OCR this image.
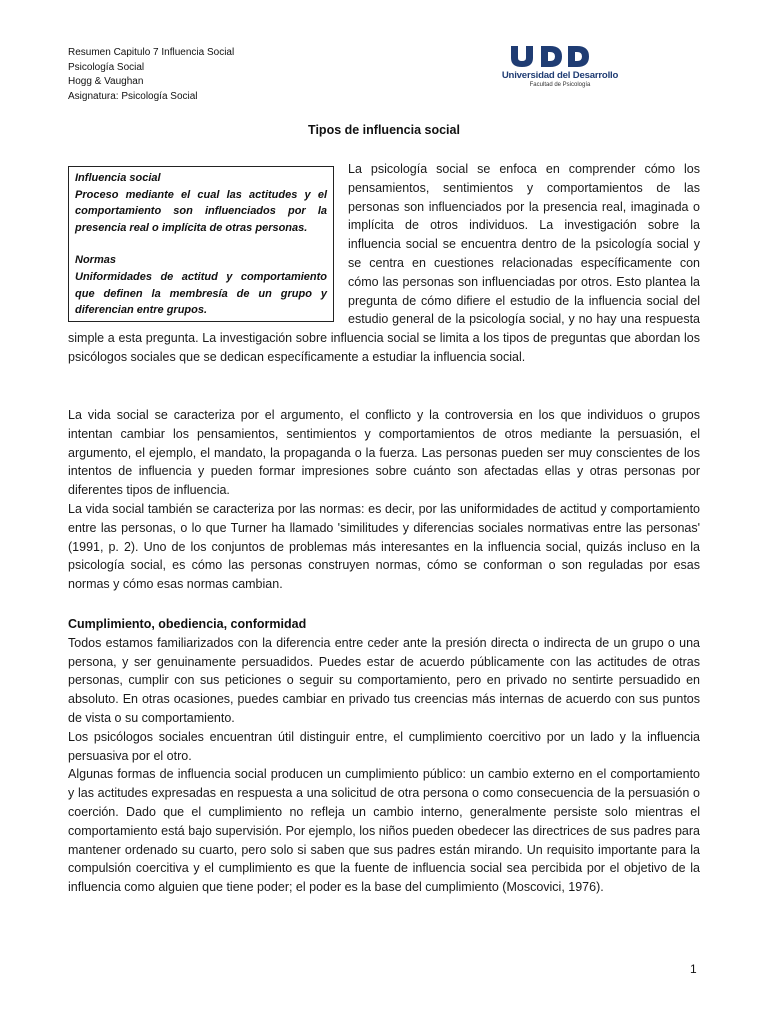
Resumen Capitulo 7 Influencia Social
Psicología Social
Hogg & Vaughan
Asignatura: Psicología Social
Universidad del Desarrollo
Facultad de Psicología
Tipos de influencia social
Influencia social
Proceso mediante el cual las actitudes y el comportamiento son influenciados por la presencia real o implícita de otras personas.
Normas
Uniformidades de actitud y comportamiento que definen la membresía de un grupo y diferencian entre grupos.

La psicología social se enfoca en comprender cómo los pensamientos, sentimientos y comportamientos de las personas son influenciados por la presencia real, imaginada o implícita de otros individuos. La investigación sobre la influencia social se encuentra dentro de la psicología social y se centra en cuestiones relacionadas específicamente con cómo las personas son influenciadas por otros. Esto plantea la pregunta de cómo difiere el estudio de la influencia social del estudio general de la psicología social, y no hay una respuesta simple a esta pregunta. La investigación sobre influencia social se limita a los tipos de preguntas que abordan los psicólogos sociales que se dedican específicamente a estudiar la influencia social.

La vida social se caracteriza por el argumento, el conflicto y la controversia en los que individuos o grupos intentan cambiar los pensamientos, sentimientos y comportamientos de otros mediante la persuasión, el argumento, el ejemplo, el mandato, la propaganda o la fuerza. Las personas pueden ser muy conscientes de los intentos de influencia y pueden formar impresiones sobre cuánto son afectadas ellas y otras personas por diferentes tipos de influencia.

La vida social también se caracteriza por las normas: es decir, por las uniformidades de actitud y comportamiento entre las personas, o lo que Turner ha llamado 'similitudes y diferencias sociales normativas entre las personas' (1991, p. 2). Uno de los conjuntos de problemas más interesantes en la influencia social, quizás incluso en la psicología social, es cómo las personas construyen normas, cómo se conforman o son reguladas por esas normas y cómo esas normas cambian.

Cumplimiento, obediencia, conformidad

Todos estamos familiarizados con la diferencia entre ceder ante la presión directa o indirecta de un grupo o una persona, y ser genuinamente persuadidos. Puedes estar de acuerdo públicamente con las actitudes de otras personas, cumplir con sus peticiones o seguir su comportamiento, pero en privado no sentirte persuadido en absoluto. En otras ocasiones, puedes cambiar en privado tus creencias más internas de acuerdo con sus puntos de vista o su comportamiento.

Los psicólogos sociales encuentran útil distinguir entre, el cumplimiento coercitivo por un lado y la influencia persuasiva por el otro.

Algunas formas de influencia social producen un cumplimiento público: un cambio externo en el comportamiento y las actitudes expresadas en respuesta a una solicitud de otra persona o como consecuencia de la persuasión o coerción. Dado que el cumplimiento no refleja un cambio interno, generalmente persiste solo mientras el comportamiento está bajo supervisión. Por ejemplo, los niños pueden obedecer las directrices de sus padres para mantener ordenado su cuarto, pero solo si saben que sus padres están mirando. Un requisito importante para la compulsión coercitiva y el cumplimiento es que la fuente de influencia social sea percibida por el objetivo de la influencia como alguien que tiene poder; el poder es la base del cumplimiento (Moscovici, 1976).

1
